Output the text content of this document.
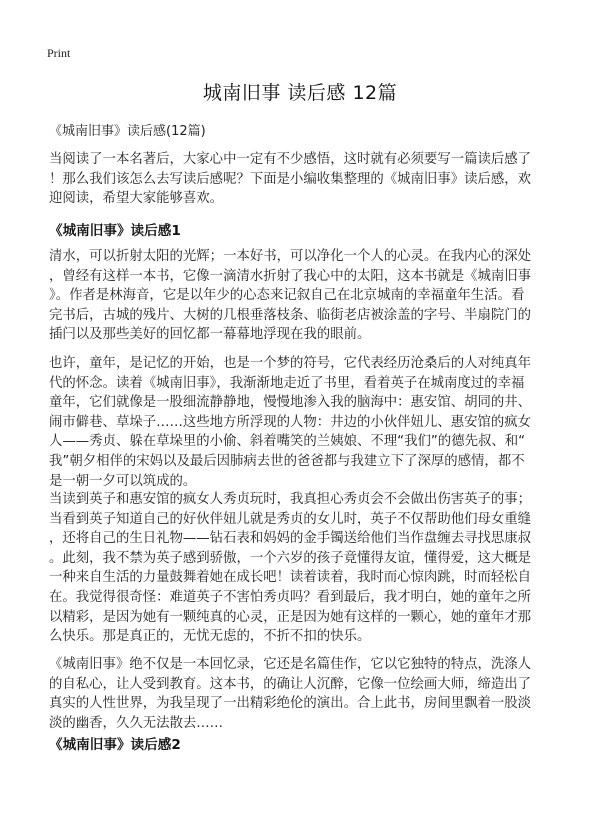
Print
城南旧事 读后感 12篇
《城南旧事》读后感(12篇)
当阅读了一本名著后，大家心中一定有不少感悟，这时就有必须要写一篇读后感了
！那么我们该怎么去写读后感呢？下面是小编收集整理的《城南旧事》读后感，欢
迎阅读，希望大家能够喜欢。
《城南旧事》读后感1
清水，可以折射太阳的光辉；一本好书，可以净化一个人的心灵。在我内心的深处
，曾经有这样一本书，它像一滴清水折射了我心中的太阳，这本书就是《城南旧事
》。作者是林海音，它是以年少的心态来记叙自己在北京城南的幸福童年生活。看
完书后，古城的残片、大树的几根垂落枝条、临街老店被涂盖的字号、半扇院门的
插闩以及那些美好的回忆都一幕幕地浮现在我的眼前。
也许，童年，是记忆的开始，也是一个梦的符号，它代表经历沧桑后的人对纯真年
代的怀念。读着《城南旧事》，我渐渐地走近了书里，看着英子在城南度过的幸福
童年，它们就像是一股细流静静地，慢慢地渗入我的脑海中：惠安馆、胡同的井、
闹市僻巷、草垛子……这些地方所浮现的人物：井边的小伙伴妞儿、惠安馆的疯女
人——秀贞、躲在草垛里的小偷、斜着嘴笑的兰姨娘、不理“我们”的德先叔、和“
我”朝夕相伴的宋妈以及最后因肺病去世的爸爸都与我建立下了深厚的感情，都不
是一朝一夕可以筑成的。
当读到英子和惠安馆的疯女人秀贞玩时，我真担心秀贞会不会做出伤害英子的事；
当看到英子知道自己的好伙伴妞儿就是秀贞的女儿时，英子不仅帮助他们母女重缝
，还将自己的生日礼物——钻石表和妈妈的金手镯送给他们当作盘缠去寻找思康叔
。此刻，我不禁为英子感到骄傲，一个六岁的孩子竟懂得友谊，懂得爱，这大概是
一种来自生活的力量鼓舞着她在成长吧！读着读着，我时而心惊肉跳，时而轻松自
在。我觉得很奇怪：难道英子不害怕秀贞吗？看到最后，我才明白，她的童年之所
以精彩，是因为她有一颗纯真的心灵，正是因为她有这样的一颗心，她的童年才那
么快乐。那是真正的，无忧无虑的，不折不扣的快乐。
《城南旧事》绝不仅是一本回忆录，它还是名篇佳作，它以它独特的特点，洗涤人
的自私心，让人受到教育。这本书，的确让人沉醉，它像一位绘画大师，缔造出了
真实的人性世界，为我呈现了一出精彩绝伦的演出。合上此书，房间里飘着一股淡
淡的幽香，久久无法散去……
《城南旧事》读后感2
